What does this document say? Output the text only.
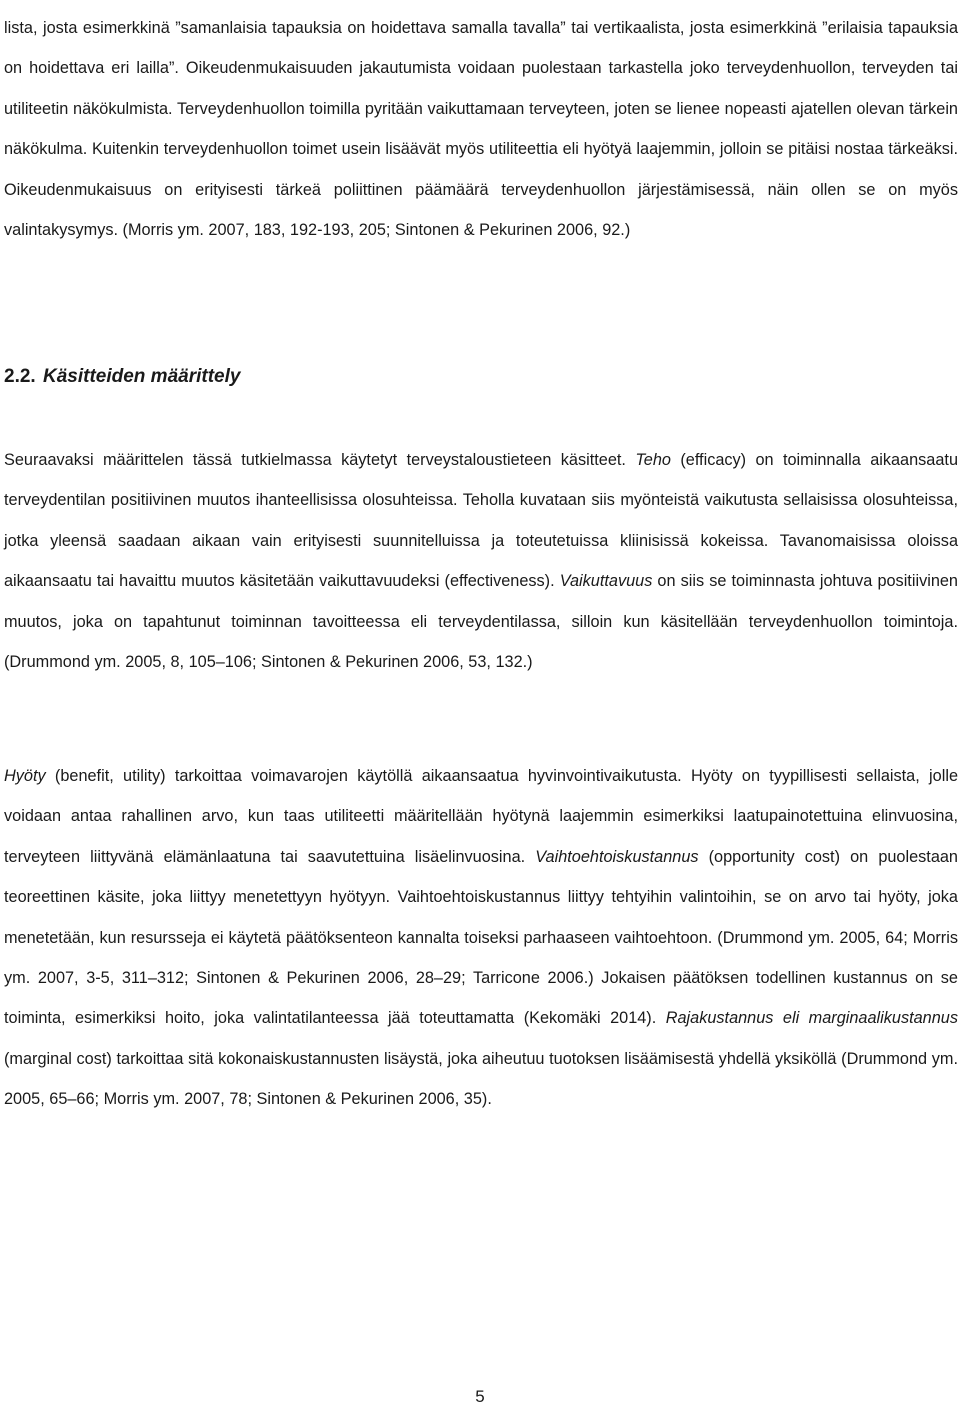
lista, josta esimerkkinä ”samanlaisia tapauksia on hoidettava samalla tavalla” tai vertikaalista, josta esimerkkinä ”erilaisia tapauksia on hoidettava eri lailla”. Oikeudenmukaisuuden jakautumista voidaan puolestaan tarkastella joko terveydenhuollon, terveyden tai utiliteetin näkökulmista. Terveydenhuollon toimilla pyritään vaikuttamaan terveyteen, joten se lienee nopeasti ajatellen olevan tärkein näkökulma. Kuitenkin terveydenhuollon toimet usein lisäävät myös utiliteettia eli hyötyä laajemmin, jolloin se pitäisi nostaa tärkeäksi. Oikeudenmukaisuus on erityisesti tärkeä poliittinen päämäärä terveydenhuollon järjestämisessä, näin ollen se on myös valintakysymys. (Morris ym. 2007, 183, 192-193, 205; Sintonen & Pekurinen 2006, 92.)

2.2. Käsitteiden määrittely

Seuraavaksi määrittelen tässä tutkielmassa käytetyt terveystaloustieteen käsitteet. Teho (efficacy) on toiminnalla aikaansaatu terveydentilan positiivinen muutos ihanteellisissa olosuhteissa. Teholla kuvataan siis myönteistä vaikutusta sellaisissa olosuhteissa, jotka yleensä saadaan aikaan vain erityisesti suunnitelluissa ja toteutetuissa kliinisissä kokeissa. Tavanomaisissa oloissa aikaansaatu tai havaittu muutos käsitetään vaikuttavuudeksi (effectiveness). Vaikuttavuus on siis se toiminnasta johtuva positiivinen muutos, joka on tapahtunut toiminnan tavoitteessa eli terveydentilassa, silloin kun käsitellään terveydenhuollon toimintoja. (Drummond ym. 2005, 8, 105–106; Sintonen & Pekurinen 2006, 53, 132.)

Hyöty (benefit, utility) tarkoittaa voimavarojen käytöllä aikaansaatua hyvinvointivaikutusta. Hyöty on tyypillisesti sellaista, jolle voidaan antaa rahallinen arvo, kun taas utiliteetti määritellään hyötynä laajemmin esimerkiksi laatupainotettuina elinvuosina, terveyteen liittyvänä elämänlaatuna tai saavutettuina lisäelinvuosina. Vaihtoehtoiskustannus (opportunity cost) on puolestaan teoreettinen käsite, joka liittyy menetettyyn hyötyyn. Vaihtoehtoiskustannus liittyy tehtyihin valintoihin, se on arvo tai hyöty, joka menetetään, kun resursseja ei käytetä päätöksenteon kannalta toiseksi parhaaseen vaihtoehtoon. (Drummond ym. 2005, 64; Morris ym. 2007, 3-5, 311–312; Sintonen & Pekurinen 2006, 28–29; Tarricone 2006.) Jokaisen päätöksen todellinen kustannus on se toiminta, esimerkiksi hoito, joka valintatilanteessa jää toteuttamatta (Kekomäki 2014). Rajakustannus eli marginaalikustannus (marginal cost) tarkoittaa sitä kokonaiskustannusten lisäystä, joka aiheutuu tuotoksen lisäämisestä yhdellä yksiköllä (Drummond ym. 2005, 65–66; Morris ym. 2007, 78; Sintonen & Pekurinen 2006, 35).

5
